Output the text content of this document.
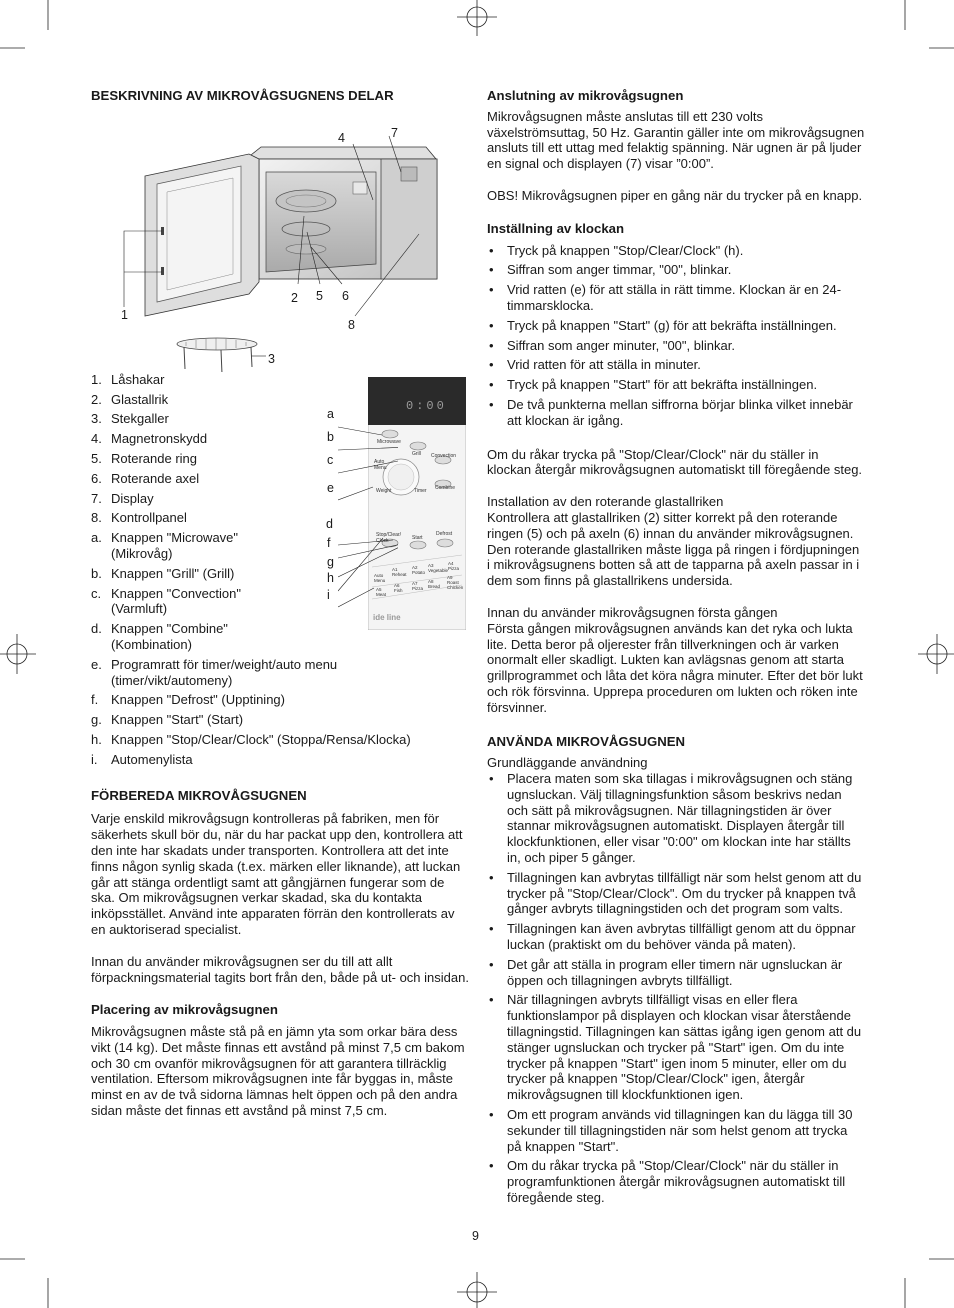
BESKRIVNING AV MIKROVÅGSUGNENS DELAR
4	7
2 5 6
8
1
3
1. Låshakar
2. Glastallrik
3. Stekgaller
4. Magnetronskydd
5. Roterande ring
6. Roterande axel
7. Display
8. Kontrollpanel
a. Knappen "Microwave" (Mikrovåg)
b. Knappen "Grill" (Grill)
c. Knappen "Convection" (Varmluft)
d. Knappen "Combine" (Kombination)
e. Programratt för timer/weight/auto menu (timer/vikt/automeny)
f. Knappen "Defrost" (Upptining)
g. Knappen "Start" (Start)
h. Knappen "Stop/Clear/Clock" (Stoppa/Rensa/Klocka)
i.	Automenylista
FÖRBEREDA MIKROVÅGSUGNEN

Varje enskild mikrovågsugn kontrolleras på fabriken, men för säkerhets skull bör du, när du har packat upp den, kontrollera att den inte har skadats under transporten. Kontrollera att det inte finns någon synlig skada (t.ex. märken eller liknande), att luckan går att stänga ordentligt samt att gångjärnen fungerar som de ska. Om mikrovågsugnen verkar skadad, ska du kontakta inköpsstället. Använd inte apparaten förrän den kontrollerats av en auktoriserad specialist.

Innan du använder mikrovågsugnen ser du till att allt förpackningsmaterial tagits bort från den, både på ut- och insidan.

Placering av mikrovågsugnen

Mikrovågsugnen måste stå på en jämn yta som orkar bära dess vikt (14 kg). Det måste finnas ett avstånd på minst 7,5 cm bakom och 30 cm ovanför mikrovågsugnen för att garantera tillräcklig ventilation. Eftersom mikrovågsugnen inte får byggas in, måste minst en av de två sidorna lämnas helt öppen och på den andra sidan måste det finnas ett avstånd på minst 7,5 cm.

0:00
Microwave
Grill Convection
Auto Menu
Weight	Timer Combine
Stop/Clear/ Clock	Start
Defrost
A1 Reheat
A2 Potato
A3 Vegetable
A4 Pizza
Auto Menu
A5 Meat
A6 Fish
A7 Pizza
A8 Bread
A9 Roast Chicken
ide line
a
b
c
e
d
f
g
h
i
Anslutning av mikrovågsugnen

Mikrovågsugnen måste anslutas till ett 230 volts växelströmsuttag, 50 Hz. Garantin gäller inte om mikrovågsugnen ansluts till ett uttag med felaktig spänning. När ugnen är på ljuder en signal och displayen (7) visar ”0:00”.

OBS! Mikrovågsugnen piper en gång när du trycker på en knapp.

Inställning av klockan
• Tryck på knappen "Stop/Clear/Clock" (h).
• Siffran som anger timmar, "00", blinkar.
• Vrid ratten (e) för att ställa in rätt timme. Klockan är en 24-timmarsklocka.
• Tryck på knappen "Start" (g) för att bekräfta inställningen.
• Siffran som anger minuter, "00", blinkar.
• Vrid ratten för att ställa in minuter.
• Tryck på knappen "Start" för att bekräfta inställningen.
• De två punkterna mellan siffrorna börjar blinka vilket innebär att klockan är igång.

Om du råkar trycka på "Stop/Clear/Clock" när du ställer in klockan återgår mikrovågsugnen automatiskt till föregående steg.

Installation av den roterande glastallriken

Kontrollera att glastallriken (2) sitter korrekt på den roterande ringen (5) och på axeln (6) innan du använder mikrovågsugnen. Den roterande glastallriken måste ligga på ringen i fördjupningen i mikrovågsugnens botten så att de tapparna på axeln passar in i dem som finns på glastallrikens undersida.

Innan du använder mikrovågsugnen första gången

Första gången mikrovågsugnen används kan det ryka och lukta lite. Detta beror på oljerester från tillverkningen och är varken onormalt eller skadligt. Lukten kan avlägsnas genom att starta grillprogrammet och låta det köra några minuter. Efter det bör lukt och rök försvinna. Upprepa proceduren om lukten och röken inte försvinner.

ANVÄNDA MIKROVÅGSUGNEN

Grundläggande användning

• Placera maten som ska tillagas i mikrovågsugnen och stäng ugnsluckan. Välj tillagningsfunktion såsom beskrivs nedan och sätt på mikrovågsugnen. När tillagningstiden är över stannar mikrovågsugnen automatiskt. Displayen återgår till klockfunktionen, eller visar "0:00" om klockan inte har ställts in, och piper 5 gånger.
• Tillagningen kan avbrytas tillfälligt när som helst genom att du trycker på "Stop/Clear/Clock". Om du trycker på knappen två gånger avbryts tillagningstiden och det program som valts.
• Tillagningen kan även avbrytas tillfälligt genom att du öppnar luckan (praktiskt om du behöver vända på maten).
• Det går att ställa in program eller timern när ugnsluckan är öppen och tillagningen avbryts tillfälligt.
• När tillagningen avbryts tillfälligt visas en eller flera funktionslampor på displayen och klockan visar återstående tillagningstid. Tillagningen kan sättas igång igen genom att du stänger ugnsluckan och trycker på "Start" igen. Om du inte trycker på knappen "Start" igen inom 5 minuter, eller om du trycker på knappen "Stop/Clear/Clock" igen, återgår mikrovågsugnen till klockfunktionen igen.
• Om ett program används vid tillagningen kan du lägga till 30 sekunder till tillagningstiden när som helst genom att trycka på knappen "Start".
• Om du råkar trycka på "Stop/Clear/Clock" när du ställer in programfunktionen återgår mikrovågsugnen automatiskt till föregående steg.
9
